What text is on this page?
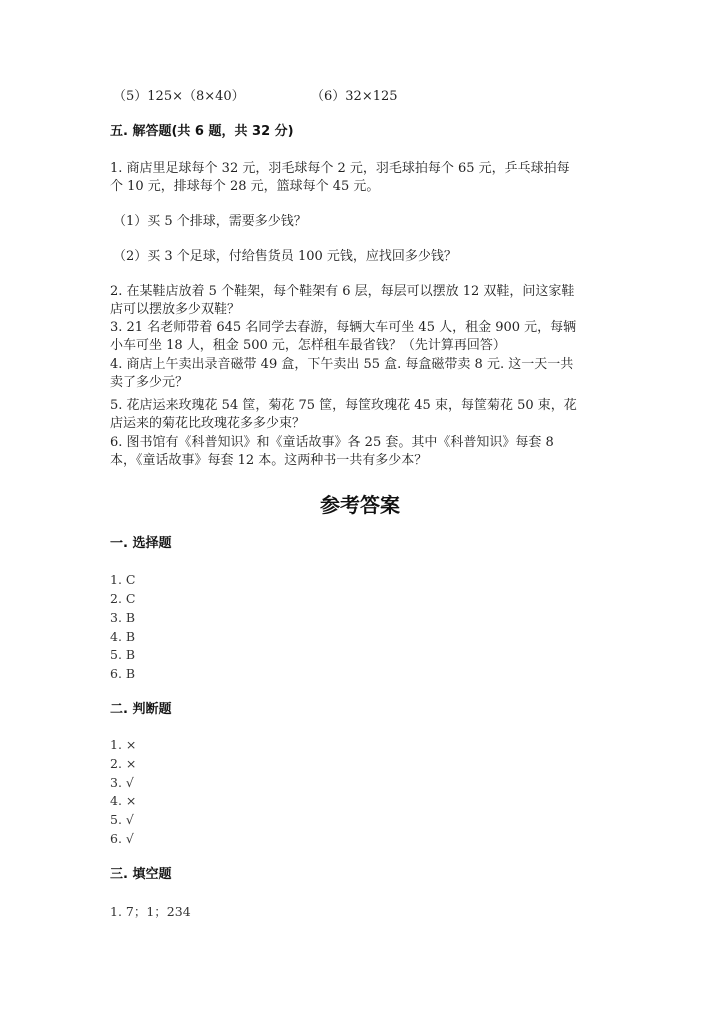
（5）125×（8×40）	（6）32×125
五. 解答题(共 6 题，共 32 分)
1. 商店里足球每个 32 元，羽毛球每个 2 元，羽毛球拍每个 65 元，乒乓球拍每
个 10 元，排球每个 28 元，篮球每个 45 元。
（1）买 5 个排球，需要多少钱？
（2）买 3 个足球，付给售货员 100 元钱，应找回多少钱？
2. 在某鞋店放着 5 个鞋架，每个鞋架有 6 层，每层可以摆放 12 双鞋，问这家鞋
店可以摆放多少双鞋？
3. 21 名老师带着 645 名同学去春游，每辆大车可坐 45 人，租金 900 元，每辆
小车可坐 18 人，租金 500 元，怎样租车最省钱？（先计算再回答）
4. 商店上午卖出录音磁带 49 盒，下午卖出 55 盒. 每盒磁带卖 8 元. 这一天一共
卖了多少元？
5. 花店运来玫瑰花 54 筐，菊花 75 筐，每筐玫瑰花 45 束，每筐菊花 50 束，花
店运来的菊花比玫瑰花多多少束？
6. 图书馆有《科普知识》和《童话故事》各 25 套。其中《科普知识》每套 8
本，《童话故事》每套 12 本。这两种书一共有多少本？
参考答案
一. 选择题
1. C
2. C
3. B
4. B
5. B
6. B
二. 判断题
1. ×
2. ×
3. √
4. ×
5. √
6. √
三. 填空题
1. 7；1；234
